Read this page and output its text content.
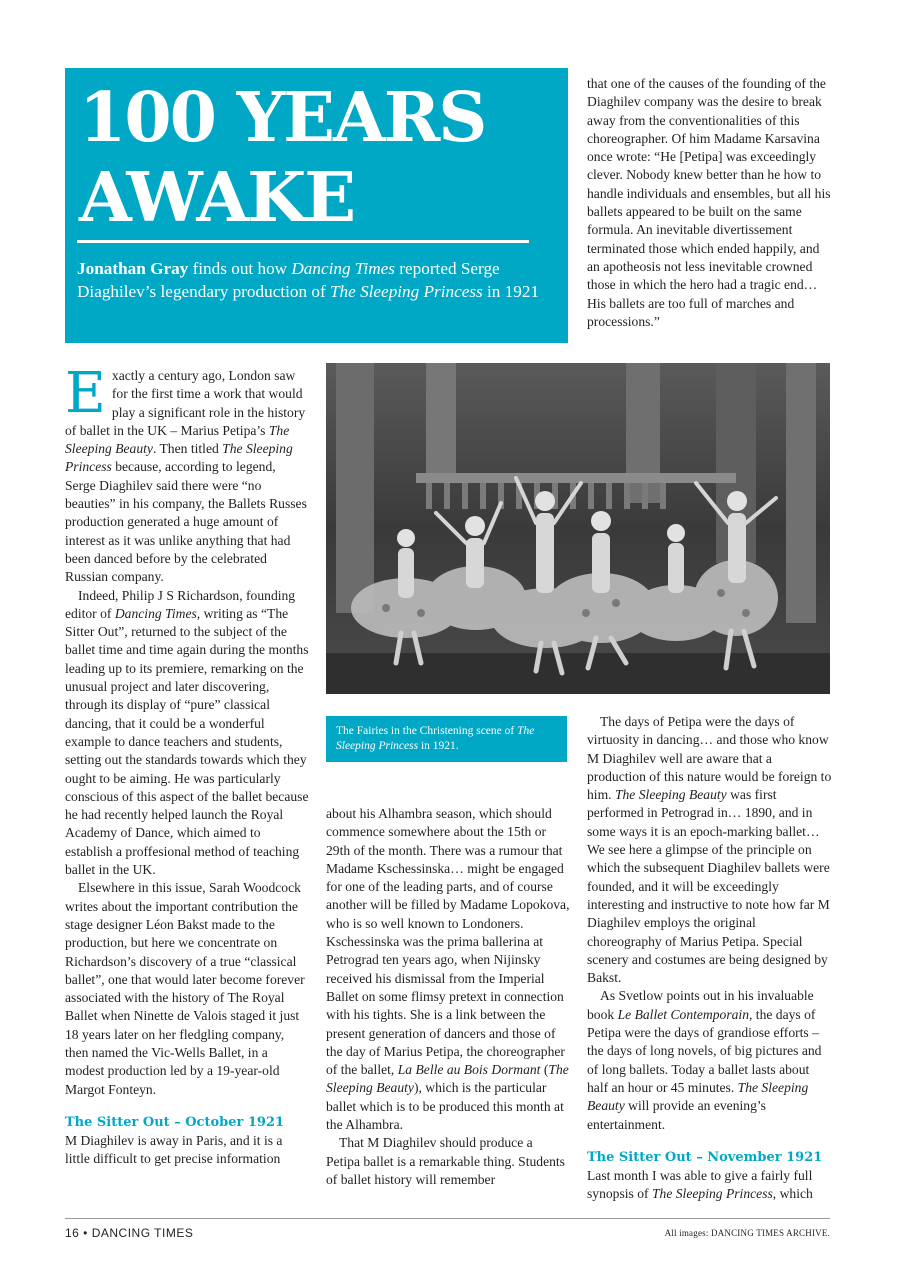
100 YEARS
AWAKE

Jonathan Gray finds out how Dancing Times reported Serge Diaghilev’s legendary production of The Sleeping Princess in 1921

that one of the causes of the founding of the Diaghilev company was the desire to break away from the conventionalities of this choreographer. Of him Madame Karsavina once wrote: “He [Petipa] was exceedingly clever. Nobody knew better than he how to handle individuals and ensembles, but all his ballets appeared to be built on the same formula. An inevitable divertissement terminated those which ended happily, and an apotheosis not less inevitable crowned those in which the hero had a tragic end… His ballets are too full of marches and processions.”

Exactly a century ago, London saw for the first time a work that would play a significant role in the history of ballet in the UK – Marius Petipa’s The Sleeping Beauty. Then titled The Sleeping Princess because, according to legend, Serge Diaghilev said there were “no beauties” in his company, the Ballets Russes production generated a huge amount of interest as it was unlike anything that had been danced before by the celebrated Russian company.

Indeed, Philip J S Richardson, founding editor of Dancing Times, writing as “The Sitter Out”, returned to the subject of the ballet time and time again during the months leading up to its premiere, remarking on the unusual project and later discovering, through its display of “pure” classical dancing, that it could be a wonderful example to dance teachers and students, setting out the standards towards which they ought to be aiming. He was particularly conscious of this aspect of the ballet because he had recently helped launch the Royal Academy of Dance, which aimed to establish a proffesional method of teaching ballet in the UK.

Elsewhere in this issue, Sarah Woodcock writes about the important contribution the stage designer Léon Bakst made to the production, but here we concentrate on Richardson’s discovery of a true “classical ballet”, one that would later become forever associated with the history of The Royal Ballet when Ninette de Valois staged it just 18 years later on her fledgling company, then named the Vic-Wells Ballet, in a modest production led by a 19-year-old Margot Fonteyn.

The Sitter Out – October 1921

M Diaghilev is away in Paris, and it is a little difficult to get precise information

The Fairies in the Christening scene of The Sleeping Princess in 1921.

about his Alhambra season, which should commence somewhere about the 15th or 29th of the month. There was a rumour that Madame Kschessinska… might be engaged for one of the leading parts, and of course another will be filled by Madame Lopokova, who is so well known to Londoners. Kschessinska was the prima ballerina at Petrograd ten years ago, when Nijinsky received his dismissal from the Imperial Ballet on some flimsy pretext in connection with his tights. She is a link between the present generation of dancers and those of the day of Marius Petipa, the choreographer of the ballet, La Belle au Bois Dormant (The Sleeping Beauty), which is the particular ballet which is to be produced this month at the Alhambra.

That M Diaghilev should produce a Petipa ballet is a remarkable thing. Students of ballet history will remember

The days of Petipa were the days of virtuosity in dancing… and those who know M Diaghilev well are aware that a production of this nature would be foreign to him. The Sleeping Beauty was first performed in Petrograd in… 1890, and in some ways it is an epoch-marking ballet… We see here a glimpse of the principle on which the subsequent Diaghilev ballets were founded, and it will be exceedingly interesting and instructive to note how far M Diaghilev employs the original choreography of Marius Petipa. Special scenery and costumes are being designed by Bakst.

As Svetlow points out in his invaluable book Le Ballet Contemporain, the days of Petipa were the days of grandiose efforts – the days of long novels, of big pictures and of long ballets. Today a ballet lasts about half an hour or 45 minutes. The Sleeping Beauty will provide an evening’s entertainment.

The Sitter Out – November 1921

Last month I was able to give a fairly full synopsis of The Sleeping Princess, which

16 • DANCING TIMES	All images: DANCING TIMES ARCHIVE.
